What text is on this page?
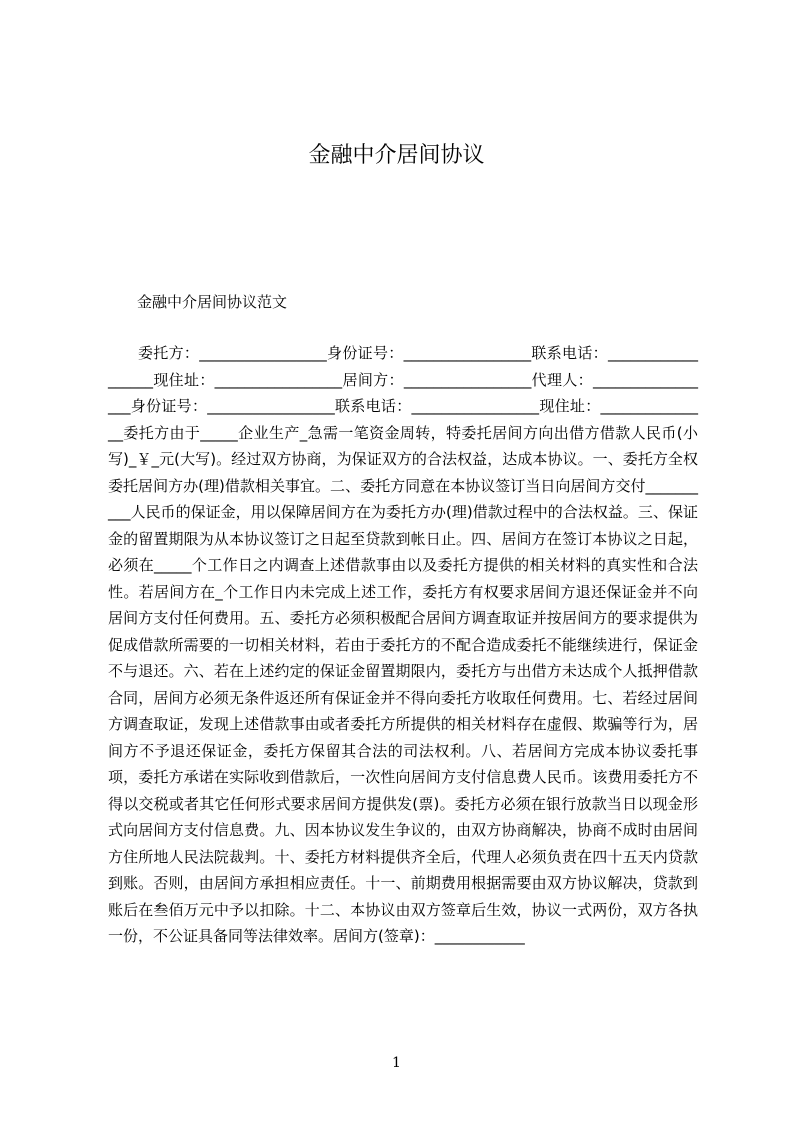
金融中介居间协议

金融中介居间协议范文

委托方：_________________身份证号：_________________联系电话：__________________现住址：_________________居间方：_________________代理人：_________________身份证号：_________________联系电话：_________________现住址：_______________委托方由于_____企业生产_急需一笔资金周转，特委托居间方向出借方借款人民币(小写)_￥_元(大写)。经过双方协商，为保证双方的合法权益，达成本协议。一、委托方全权委托居间方办(理)借款相关事宜。二、委托方同意在本协议签订当日向居间方交付__________人民币的保证金，用以保障居间方在为委托方办(理)借款过程中的合法权益。三、保证金的留置期限为从本协议签订之日起至贷款到帐日止。四、居间方在签订本协议之日起，必须在_____个工作日之内调查上述借款事由以及委托方提供的相关材料的真实性和合法性。若居间方在_个工作日内未完成上述工作，委托方有权要求居间方退还保证金并不向居间方支付任何费用。五、委托方必须积极配合居间方调查取证并按居间方的要求提供为促成借款所需要的一切相关材料，若由于委托方的不配合造成委托不能继续进行，保证金不与退还。六、若在上述约定的保证金留置期限内，委托方与出借方未达成个人抵押借款合同，居间方必须无条件返还所有保证金并不得向委托方收取任何费用。七、若经过居间方调查取证，发现上述借款事由或者委托方所提供的相关材料存在虚假、欺骗等行为，居间方不予退还保证金，委托方保留其合法的司法权利。八、若居间方完成本协议委托事项，委托方承诺在实际收到借款后，一次性向居间方支付信息费人民币。该费用委托方不得以交税或者其它任何形式要求居间方提供发(票)。委托方必须在银行放款当日以现金形式向居间方支付信息费。九、因本协议发生争议的，由双方协商解决，协商不成时由居间方住所地人民法院裁判。十、委托方材料提供齐全后，代理人必须负责在四十五天内贷款到账。否则，由居间方承担相应责任。十一、前期费用根据需要由双方协议解决，贷款到账后在叁佰万元中予以扣除。十二、本协议由双方签章后生效，协议一式两份，双方各执一份，不公证具备同等法律效率。居间方(签章)：____________

1
